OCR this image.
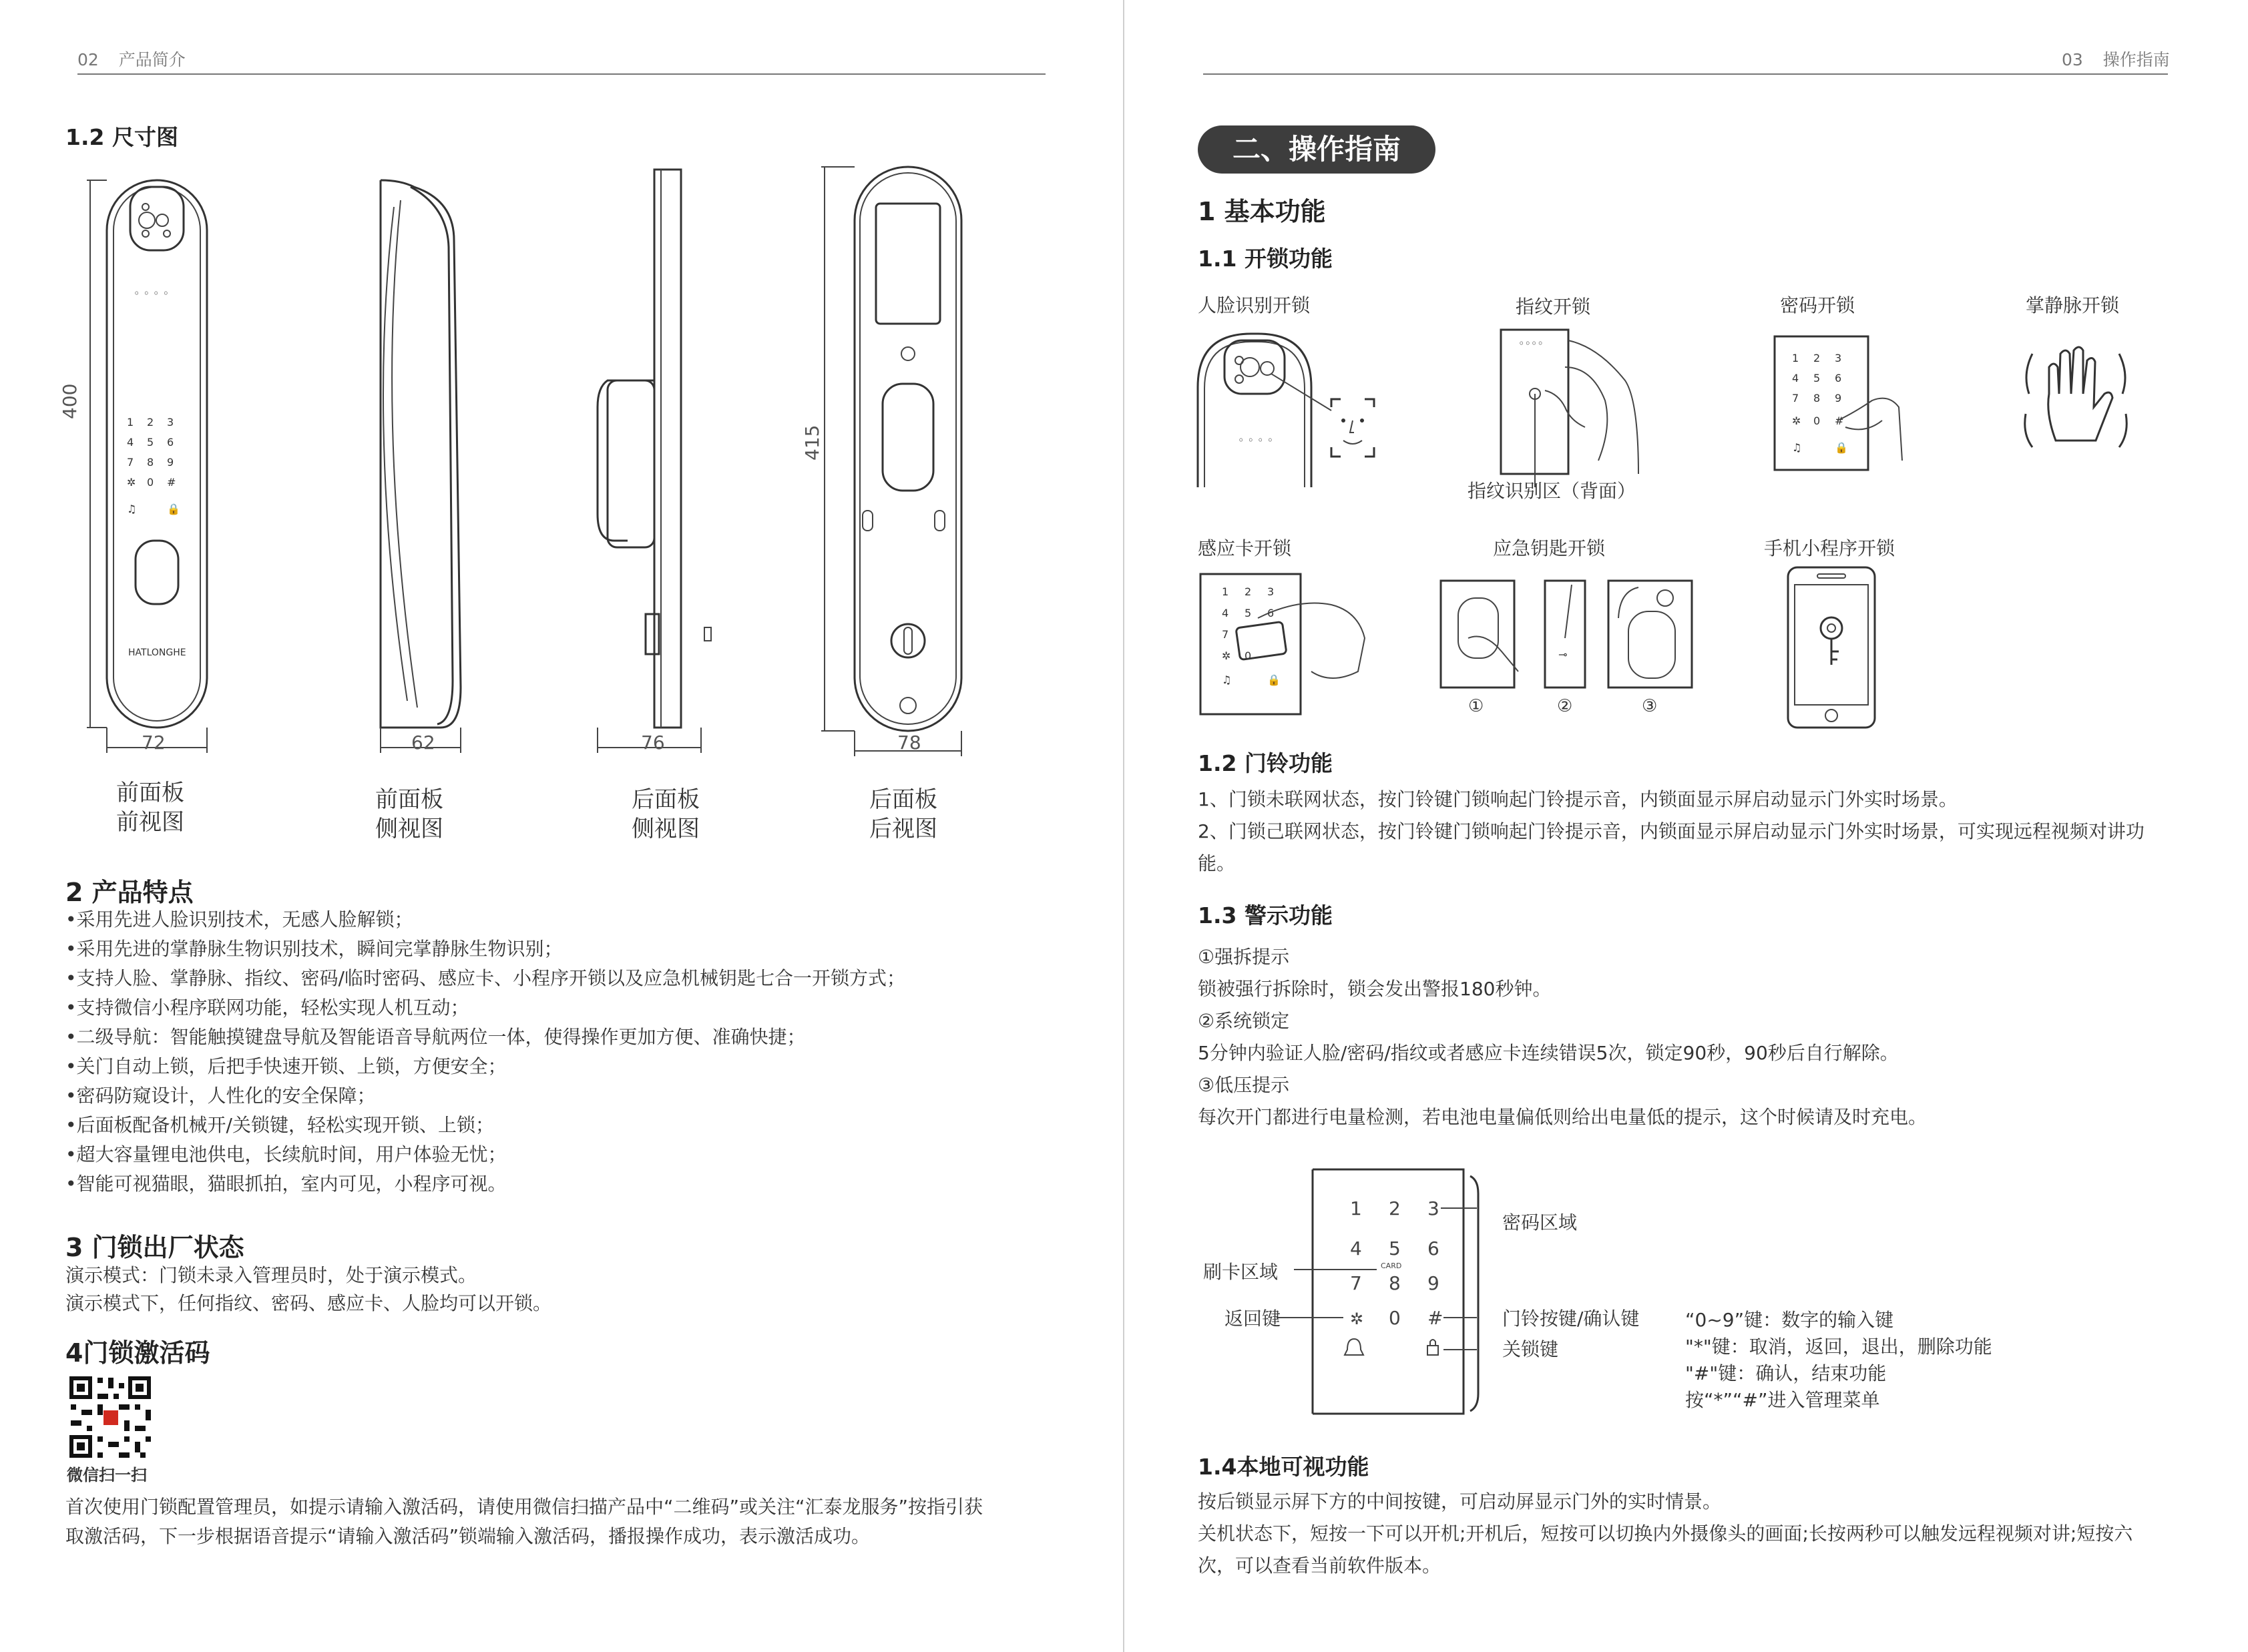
02 产品简介
1.2 尺寸图
◦ ◦ ◦ ◦
1 2 3
4 5 6
7 8 9
✲ 0 #
♫	🔒
HATLONGHE
400
72	62	76
415
78
前面板
前视图
前面板
侧视图
后面板
侧视图
后面板
后视图
2 产品特点
•采用先进人脸识别技术，无感人脸解锁；
•采用先进的掌静脉生物识别技术，瞬间完掌静脉生物识别；
•支持人脸、掌静脉、指纹、密码/临时密码、感应卡、小程序开锁以及应急机械钥匙七合一开锁方式；
•支持微信小程序联网功能，轻松实现人机互动；
•二级导航：智能触摸键盘导航及智能语音导航两位一体，使得操作更加方便、准确快捷；
•关门自动上锁，后把手快速开锁、上锁，方便安全；
•密码防窥设计，人性化的安全保障；
•后面板配备机械开/关锁键，轻松实现开锁、上锁；
•超大容量锂电池供电，长续航时间，用户体验无忧；
•智能可视猫眼，猫眼抓拍，室内可见，小程序可视。
3 门锁出厂状态
演示模式：门锁未录入管理员时，处于演示模式。
演示模式下，任何指纹、密码、感应卡、人脸均可以开锁。
4门锁激活码
微信扫一扫
首次使用门锁配置管理员，如提示请输入激活码，请使用微信扫描产品中“二维码”或关注“汇泰龙服务”按指引获
取激活码，下一步根据语音提示“请输入激活码”锁端输入激活码，播报操作成功，表示激活成功。
03 操作指南
二、操作指南
1 基本功能
1.1 开锁功能
人脸识别开锁	指纹开锁	密码开锁	掌静脉开锁
◦ ◦ ◦ ◦
◦◦◦◦
指纹识别区（背面）
1 2 3
4 5 6
7 8 9
✲ 0 #
♫	🔒
感应卡开锁	应急钥匙开锁	手机小程序开锁
1 2 3
4 5 6
7
✲ 0
♫	🔒
⊸
①	②	③
1.2 门铃功能
1、门锁未联网状态，按门铃键门锁响起门铃提示音，内锁面显示屏启动显示门外实时场景。
2、门锁己联网状态，按门铃键门锁响起门铃提示音，内锁面显示屏启动显示门外实时场景，可实现远程视频对讲功
能。
1.3 警示功能
①强拆提示
锁被强行拆除时，锁会发出警报180秒钟。
②系统锁定
5分钟内验证人脸/密码/指纹或者感应卡连续错误5次，锁定90秒，90秒后自行解除。
③低压提示
每次开门都进行电量检测，若电池电量偏低则给出电量低的提示，这个时候请及时充电。
1 2 3
4 5 6
CARD
7 8 9
✲ 0 #
密码区域
刷卡区域
返回键	门铃按键/确认键
关锁键
“0~9”键：数字的输入键
"*"键：取消，返回，退出，删除功能
"#"键：确认，结束功能
按“*”“#”进入管理菜单
1.4本地可视功能
按后锁显示屏下方的中间按键，可启动屏显示门外的实时情景。
关机状态下，短按一下可以开机;开机后，短按可以切换内外摄像头的画面;长按两秒可以触发远程视频对讲;短按六
次，可以查看当前软件版本。
